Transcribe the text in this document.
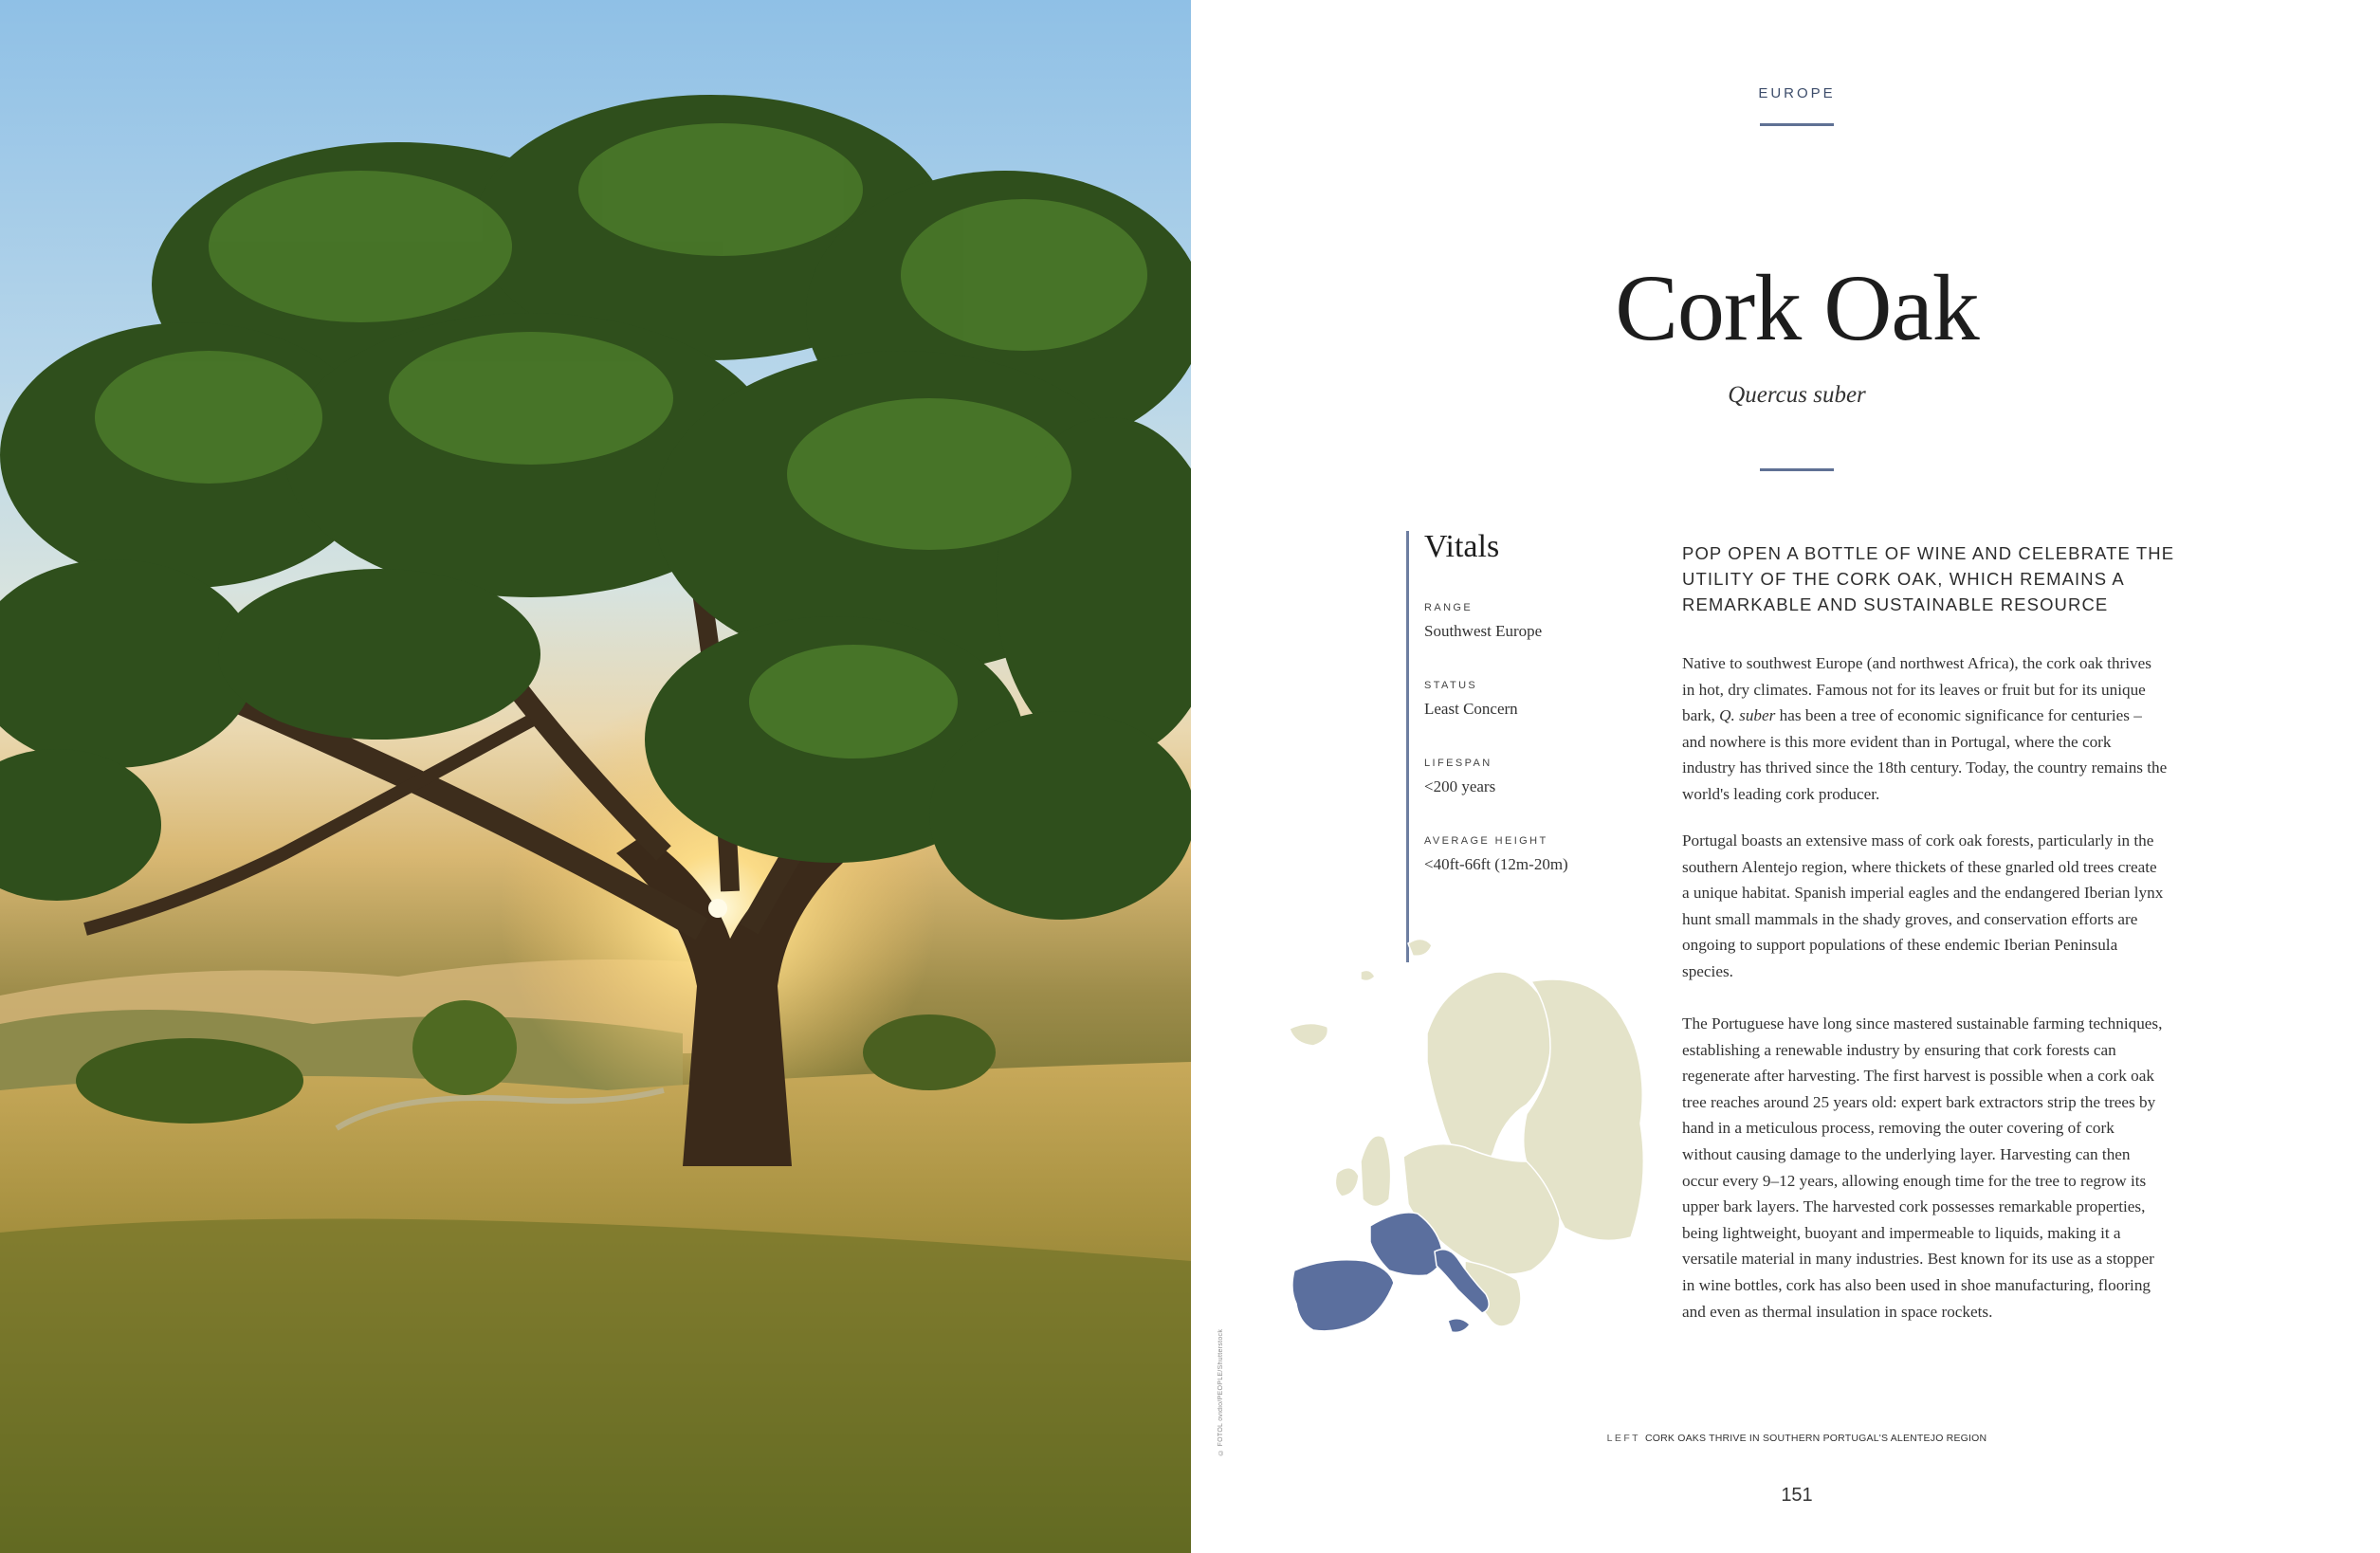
© FOTOL ovidio/PEOPLE/Shutterstock
EUROPE
Cork Oak
Quercus suber
Vitals
RANGE
Southwest Europe
STATUS
Least Concern
LIFESPAN
<200 years
AVERAGE HEIGHT
<40ft-66ft (12m-20m)
POP OPEN A BOTTLE OF WINE AND CELEBRATE THE UTILITY OF THE CORK OAK, WHICH REMAINS A REMARKABLE AND SUSTAINABLE RESOURCE

Native to southwest Europe (and northwest Africa), the cork oak thrives in hot, dry climates. Famous not for its leaves or fruit but for its unique bark, Q. suber has been a tree of economic significance for centuries – and nowhere is this more evident than in Portugal, where the cork industry has thrived since the 18th century. Today, the country remains the world's leading cork producer.

Portugal boasts an extensive mass of cork oak forests, particularly in the southern Alentejo region, where thickets of these gnarled old trees create a unique habitat. Spanish imperial eagles and the endangered Iberian lynx hunt small mammals in the shady groves, and conservation efforts are ongoing to support populations of these endemic Iberian Peninsula species.

The Portuguese have long since mastered sustainable farming techniques, establishing a renewable industry by ensuring that cork forests can regenerate after harvesting. The first harvest is possible when a cork oak tree reaches around 25 years old: expert bark extractors strip the trees by hand in a meticulous process, removing the outer covering of cork without causing damage to the underlying layer. Harvesting can then occur every 9–12 years, allowing enough time for the tree to regrow its upper bark layers. The harvested cork possesses remarkable properties, being lightweight, buoyant and impermeable to liquids, making it a versatile material in many industries. Best known for its use as a stopper in wine bottles, cork has also been used in shoe manufacturing, flooring and even as thermal insulation in space rockets.

LEFT CORK OAKS THRIVE IN SOUTHERN PORTUGAL'S ALENTEJO REGION
151
